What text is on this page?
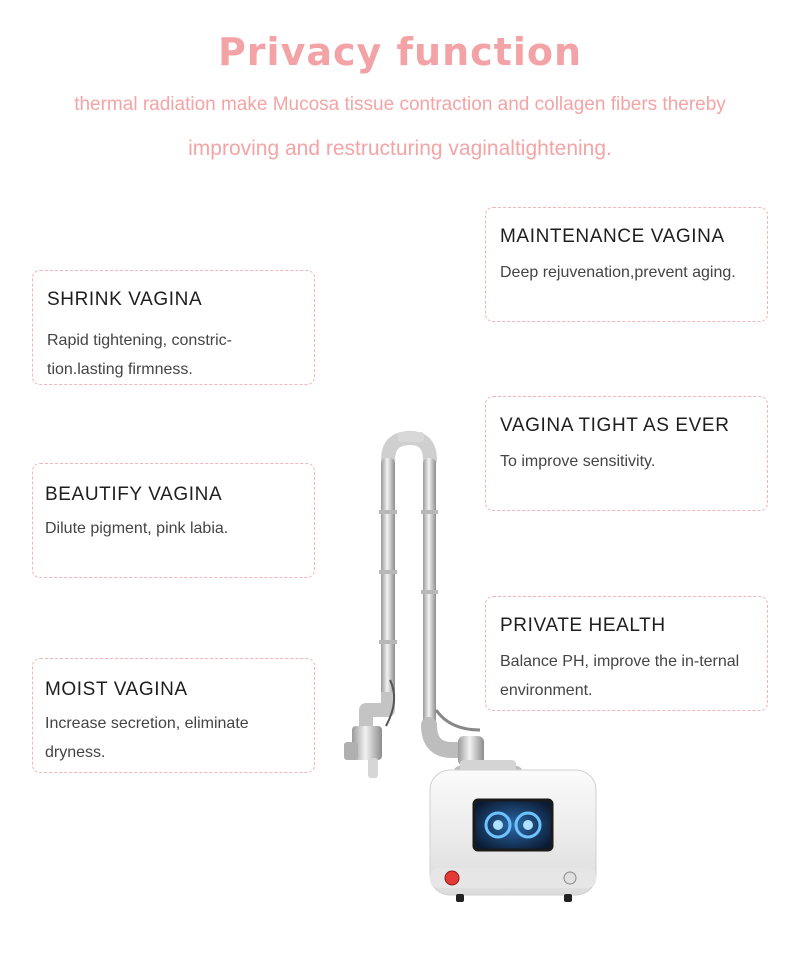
Privacy function
thermal radiation make Mucosa tissue contraction and collagen fibers thereby
improving and restructuring vaginaltightening.
SHRINK VAGINA
Rapid tightening, constric-tion.lasting firmness.
BEAUTIFY VAGINA
Dilute pigment, pink labia.
MOIST VAGINA
Increase secretion, eliminate dryness.
MAINTENANCE VAGINA
Deep rejuvenation,prevent aging.
VAGINA TIGHT AS EVER
To improve sensitivity.
PRIVATE HEALTH
Balance PH, improve the in-ternal environment.
